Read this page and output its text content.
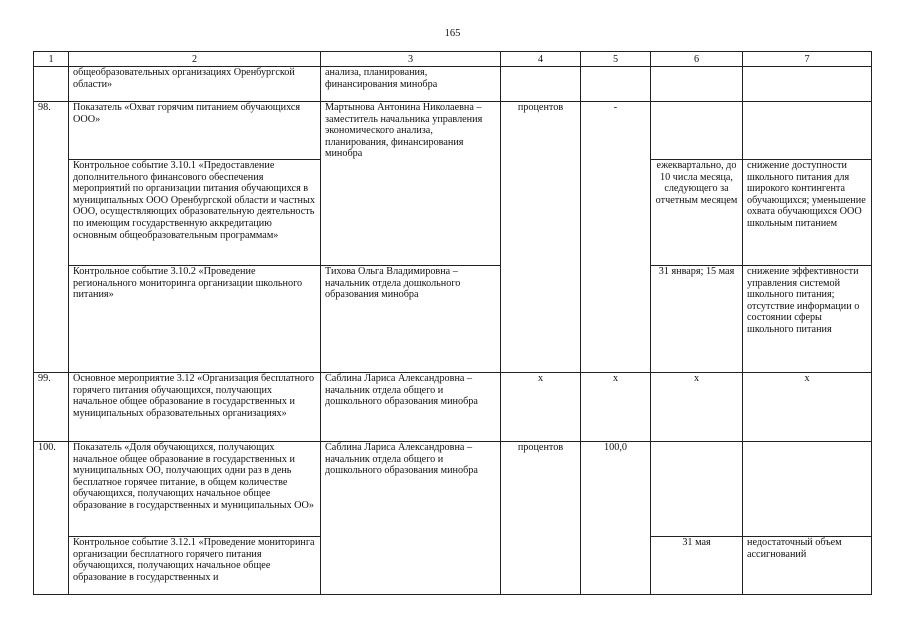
165
1	2	3	4	5	6	7
	общеобразовательных организациях Оренбургской области»	анализа, планирования, финансирования минобра				
98.	Показатель «Охват горячим питанием обучающихся ООО»	Мартынова Антонина Николаевна – заместитель начальника управления экономического анализа, планирования, финансирования минобра	процентов	-		
	Контрольное событие 3.10.1 «Предоставление дополнительного финансового обеспечения мероприятий по организации питания обучающихся в муниципальных ООО Оренбургской области и частных ООО, осуществляющих образовательную деятельность по имеющим государственную аккредитацию основным общеобразовательным программам»				ежеквартально, до 10 числа месяца, следующего за отчетным месяцем	снижение доступности школьного питания для широкого контингента обучающихся; уменьшение охвата обучающихся ООО школьным питанием
	Контрольное событие 3.10.2 «Проведение регионального мониторинга организации школьного питания»	Тихова Ольга Владимировна – начальник отдела дошкольного образования минобра			31 января; 15 мая	снижение эффективности управления системой школьного питания; отсутствие информации о состоянии сферы школьного питания
99.	Основное мероприятие 3.12 «Организация бесплатного горячего питания обучающихся, получающих начальное общее образование в государственных и муниципальных образовательных организациях»	Саблина Лариса Александровна – начальник отдела общего и дошкольного образования минобра	х	х	х	х
100.	Показатель «Доля обучающихся, получающих начальное общее образование в государственных и муниципальных ОО, получающих одни раз в день бесплатное горячее питание, в общем количестве обучающихся, получающих начальное общее образование в государственных и муниципальных ОО»	Саблина Лариса Александровна – начальник отдела общего и дошкольного образования минобра	процентов	100,0		
	Контрольное событие 3.12.1 «Проведение мониторинга организации бесплатного горячего питания обучающихся, получающих начальное общее образование в государственных и				31 мая	недостаточный объем ассигнований
